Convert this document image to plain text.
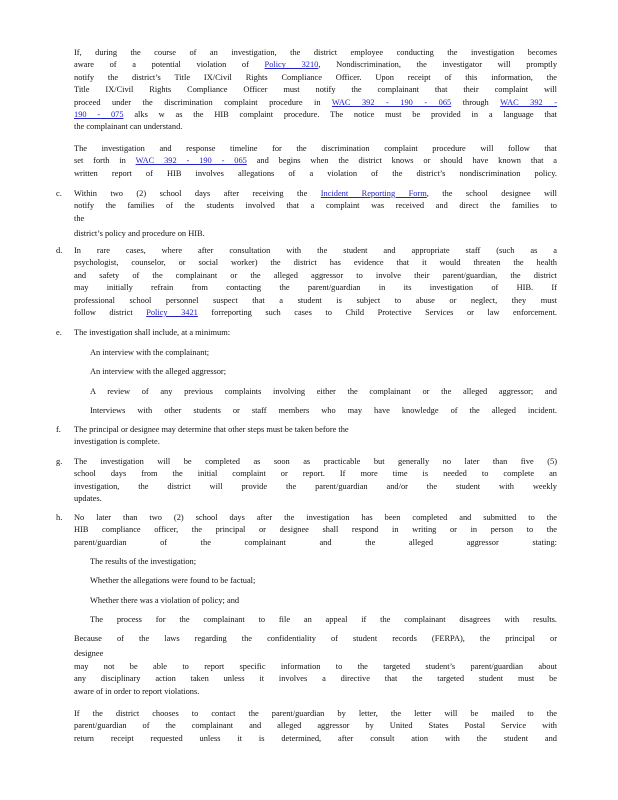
If, during the course of an investigation, the district employee conducting the investigation becomes

aware of a potential violation of Policy 3210, Nondiscrimination, the investigator will promptly

notify the district’s Title IX/Civil Rights Compliance Officer. Upon receipt of this information, the

Title IX/Civil Rights Compliance Officer must notify the complainant that their complaint will

proceed under the discrimination complaint procedure in WAC 392 - 190 - 065 through WAC 392 -

190 - 075 alks w as the HIB complaint procedure. The notice must be provided in a language that

the complainant can understand.

The investigation and response timeline for the discrimination complaint procedure will follow that

set forth in WAC 392 - 190 - 065 and begins when the district knows or should have known that a

written report of HIB involves allegations of a violation of the district’s nondiscrimination policy.

c. Within two (2) school days after receiving the Incident Reporting Form, the school designee will

notify the families of the students involved that a complaint was received and direct the families to

the

district’s policy and procedure on HIB.

d. In rare cases, where after consultation with the student and appropriate staff (such as a

psychologist, counselor, or social worker) the district has evidence that it would threaten the health

and safety of the complainant or the alleged aggressor to involve their parent/guardian, the district

may initially refrain from contacting the parent/guardian in its investigation of HIB. If

professional school personnel suspect that a student is subject to abuse or neglect, they must

follow district Policy 3421 forreporting such cases to Child Protective Services or law enforcement.

e. The investigation shall include, at a minimum:

An interview with the complainant;
An interview with the alleged aggressor;
A review of any previous complaints involving either the complainant or the alleged aggressor; and
Interviews with other students or staff members who may have knowledge of the alleged incident.
f. The principal or designee may determine that other steps must be taken before the

investigation is complete.

g. The investigation will be completed as soon as practicable but generally no later than five (5)

school days from the initial complaint or report. If more time is needed to complete an

investigation, the district will provide the parent/guardian and/or the student with weekly

updates.

h. No later than two (2) school days after the investigation has been completed and submitted to the

HIB compliance officer, the principal or designee shall respond in writing or in person to the

parent/guardian of the complainant and the alleged aggressor stating:

The results of the investigation;
Whether the allegations were found to be factual;
Whether there was a violation of policy; and
The process for the complainant to file an appeal if the complainant disagrees with results.

Because of the laws regarding the confidentiality of student records (FERPA), the principal or

designee

may not be able to report specific information to the targeted student’s parent/guardian about

any disciplinary action taken unless it involves a directive that the targeted student must be

aware of in order to report violations.

If the district chooses to contact the parent/guardian by letter, the letter will be mailed to the

parent/guardian of the complainant and alleged aggressor by United States Postal Service with

return receipt requested unless it is determined, after consult ation with the student and
